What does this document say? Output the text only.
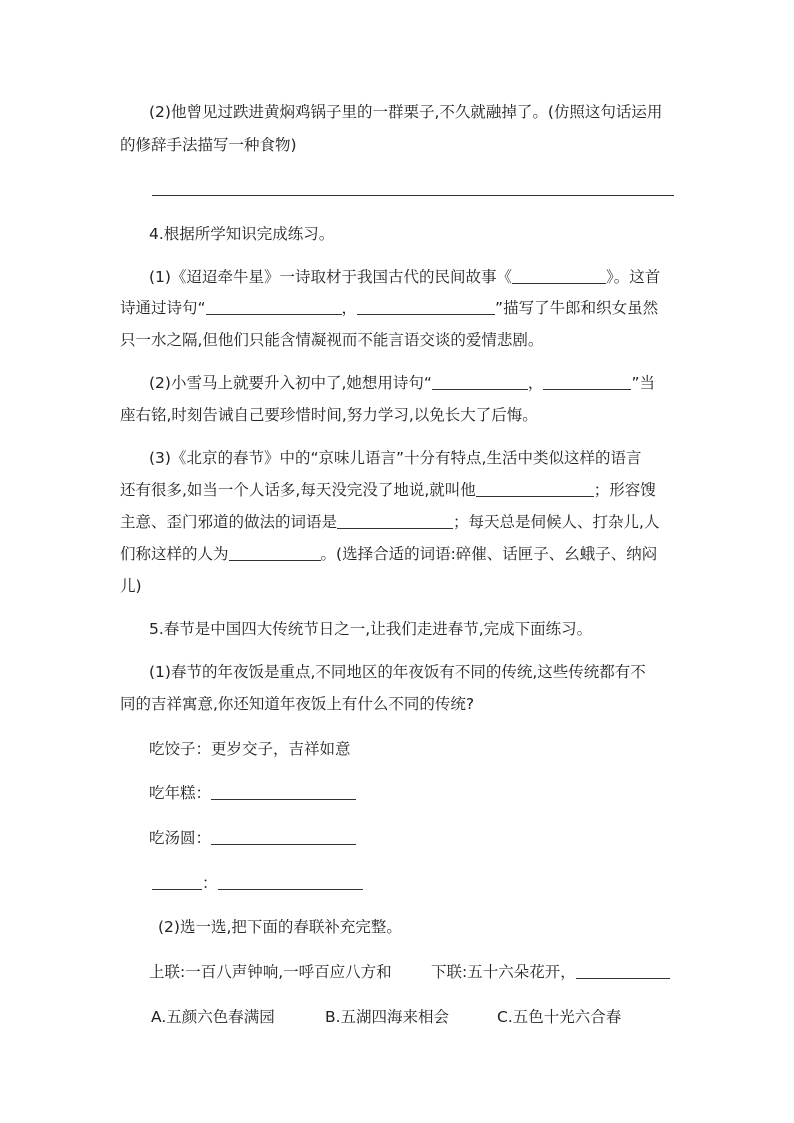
(2)他曾见过跌进黄焖鸡锅子里的一群栗子,不久就融掉了。(仿照这句话运用
的修辞手法描写一种食物)
4.根据所学知识完成练习。
(1)《迢迢牵牛星》一诗取材于我国古代的民间故事《	》。这首
诗通过诗句“	，	”描写了牛郎和织女虽然
只一水之隔,但他们只能含情凝视而不能言语交谈的爱情悲剧。
(2)小雪马上就要升入初中了,她想用诗句“	，	”当
座右铭,时刻告诫自己要珍惜时间,努力学习,以免长大了后悔。
(3)《北京的春节》中的“京味儿语言”十分有特点,生活中类似这样的语言
还有很多,如当一个人话多,每天没完没了地说,就叫他	；形容馊
主意、歪门邪道的做法的词语是	；每天总是伺候人、打杂儿,人
们称这样的人为	。(选择合适的词语:碎催、话匣子、幺蛾子、纳闷
儿)
5.春节是中国四大传统节日之一,让我们走进春节,完成下面练习。
(1)春节的年夜饭是重点,不同地区的年夜饭有不同的传统,这些传统都有不
同的吉祥寓意,你还知道年夜饭上有什么不同的传统?
吃饺子：更岁交子，吉祥如意
吃年糕：
吃汤圆：
：
(2)选一选,把下面的春联补充完整。
上联:一百八声钟响,一呼百应八方和	下联:五十六朵花开，
A.五颜六色春满园	B.五湖四海来相会	C.五色十光六合春
